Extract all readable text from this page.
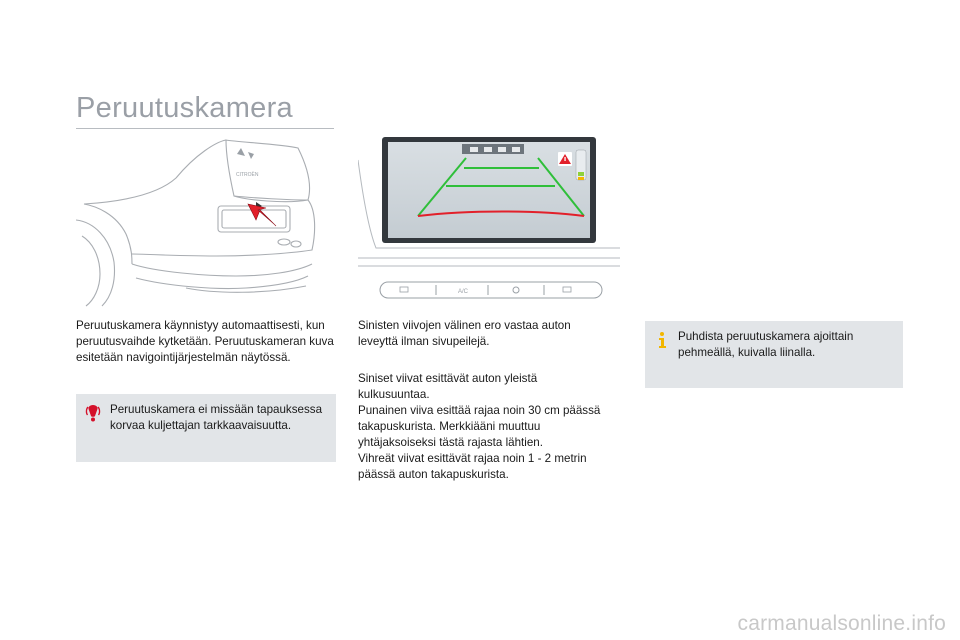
Peruutuskamera
CITROËN
A/C

Peruutuskamera käynnistyy automaattisesti, kun peruutusvaihde kytketään. Peruutuskameran kuva esitetään navigointijärjestelmän näytössä.

Peruutuskamera ei missään tapauksessa korvaa kuljettajan tarkkaavaisuutta.

Sinisten viivojen välinen ero vastaa auton leveyttä ilman sivupeilejä.

Siniset viivat esittävät auton yleistä kulkusuuntaa.
Punainen viiva esittää rajaa noin 30 cm päässä takapuskurista. Merkkiääni muuttuu yhtäjaksoiseksi tästä rajasta lähtien.
Vihreät viivat esittävät rajaa noin 1 - 2 metrin päässä auton takapuskurista.

Puhdista peruutuskamera ajoittain pehmeällä, kuivalla liinalla.

carmanualsonline.info
